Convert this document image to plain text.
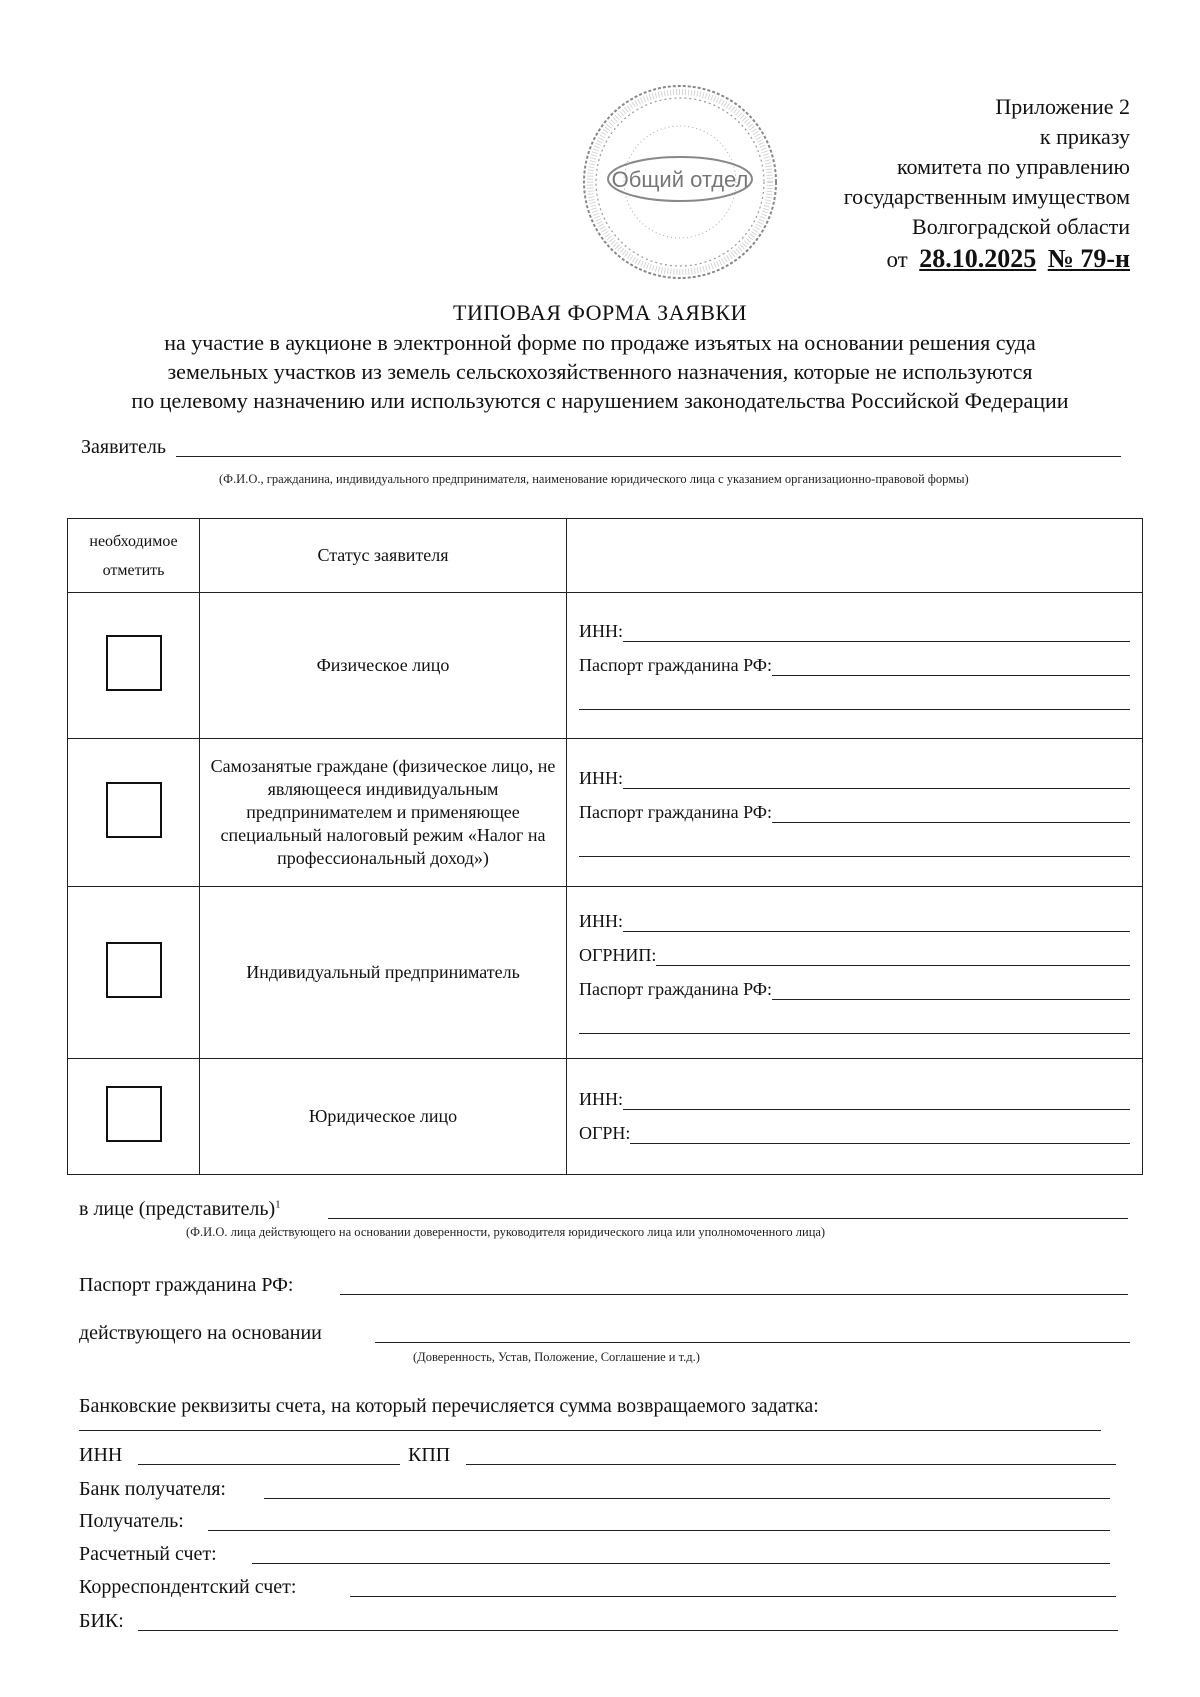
Приложение 2
к приказу
комитета по управлению
государственным имуществом
Волгоградской области
от 28.10.2025 № 79-н
Общий отдел
ТИПОВАЯ ФОРМА ЗАЯВКИ
на участие в аукционе в электронной форме по продаже изъятых на основании решения суда
земельных участков из земель сельскохозяйственного назначения, которые не используются
по целевому назначению или используются с нарушением законодательства Российской Федерации
Заявитель
(Ф.И.О., гражданина, индивидуального предпринимателя, наименование юридического лица с указанием организационно-правовой формы)
необходимое отметить	Статус заявителя	
	Физическое лицо	ИНН:
Паспорт гражданина РФ:

	Самозанятые граждане (физическое лицо, не являющееся индивидуальным предпринимателем и применяющее специальный налоговый режим «Налог на профессиональный доход»)	ИНН:
Паспорт гражданина РФ:

	Индивидуальный предприниматель	ИНН:
ОГРНИП:
Паспорт гражданина РФ:

	Юридическое лицо	ИНН:
ОГРН:
в лице (представитель)$^1$
(Ф.И.О. лица действующего на основании доверенности, руководителя юридического лица или уполномоченного лица)
Паспорт гражданина РФ:
действующего на основании
(Доверенность, Устав, Положение, Соглашение и т.д.)
Банковские реквизиты счета, на который перечисляется сумма возвращаемого задатка:
ИНН	КПП
Банк получателя:
Получатель:
Расчетный счет:
Корреспондентский счет:
БИК:
